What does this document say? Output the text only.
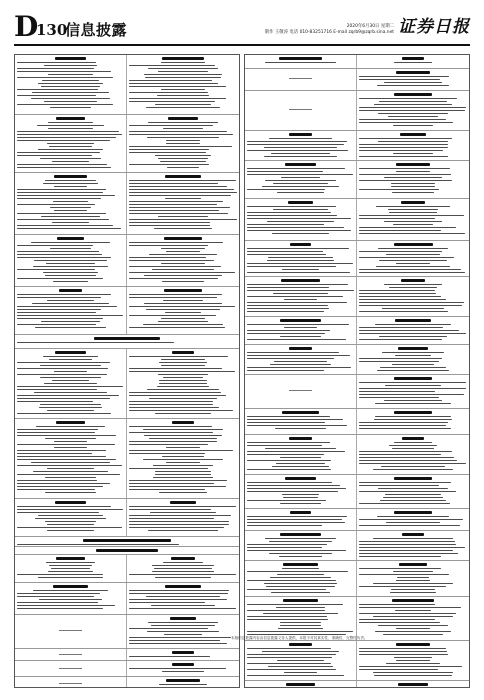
D
130
信息披露	2020年6月30日 星期二
制作 王敬涛 电话 010-83251716 E-mail zqrb9@zqrb.sina.net 证券日报
本版信息披露内容由信息披露义务人提供，本报不对其真实性、准确性、完整性负责。
